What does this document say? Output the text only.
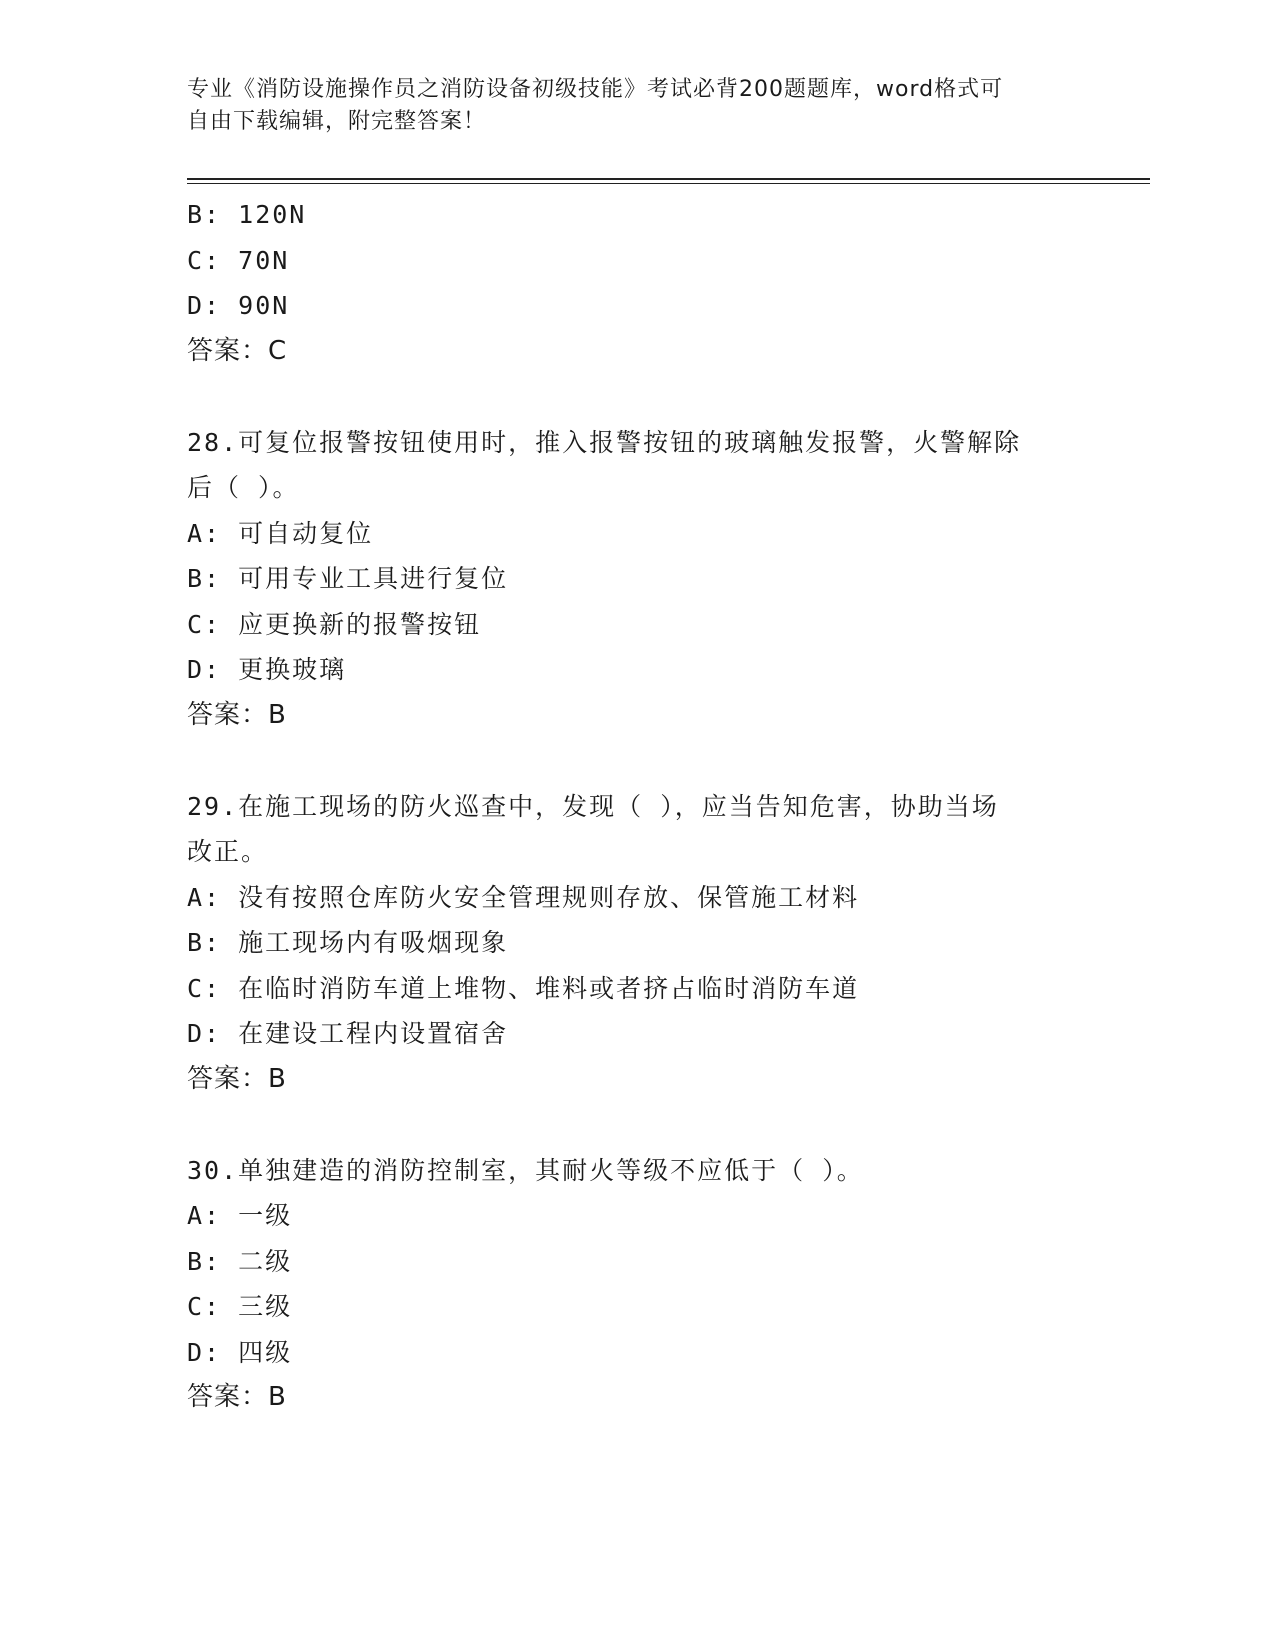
专业《消防设施操作员之消防设备初级技能》考试必背200题题库，word格式可
自由下载编辑，附完整答案！
B: 120N
C: 70N
D: 90N
答案：C
28.可复位报警按钮使用时，推入报警按钮的玻璃触发报警，火警解除
后（ ）。
A: 可自动复位
B: 可用专业工具进行复位
C: 应更换新的报警按钮
D: 更换玻璃
答案：B
29.在施工现场的防火巡查中，发现（ ），应当告知危害，协助当场
改正。
A: 没有按照仓库防火安全管理规则存放、保管施工材料
B: 施工现场内有吸烟现象
C: 在临时消防车道上堆物、堆料或者挤占临时消防车道
D: 在建设工程内设置宿舍
答案：B
30.单独建造的消防控制室，其耐火等级不应低于（ ）。
A: 一级
B: 二级
C: 三级
D: 四级
答案：B
